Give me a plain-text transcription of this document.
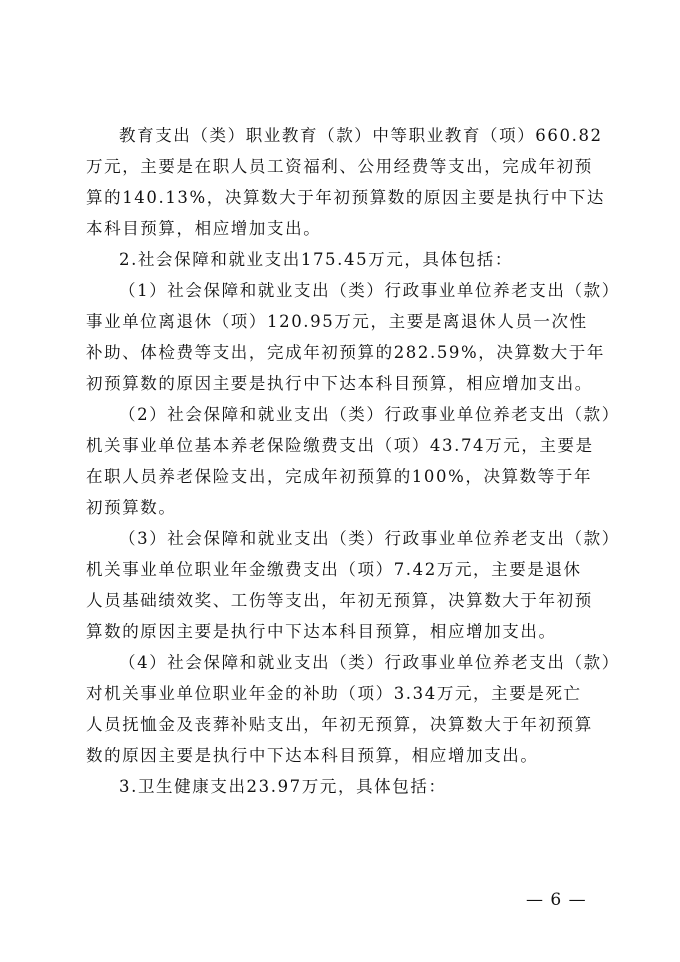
教育支出（类）职业教育（款）中等职业教育（项）660.82
万元，主要是在职人员工资福利、公用经费等支出，完成年初预
算的140.13%，决算数大于年初预算数的原因主要是执行中下达
本科目预算，相应增加支出。
2.社会保障和就业支出175.45万元，具体包括：
（1）社会保障和就业支出（类）行政事业单位养老支出（款）
事业单位离退休（项）120.95万元，主要是离退休人员一次性
补助、体检费等支出，完成年初预算的282.59%，决算数大于年
初预算数的原因主要是执行中下达本科目预算，相应增加支出。
（2）社会保障和就业支出（类）行政事业单位养老支出（款）
机关事业单位基本养老保险缴费支出（项）43.74万元，主要是
在职人员养老保险支出，完成年初预算的100%，决算数等于年
初预算数。
（3）社会保障和就业支出（类）行政事业单位养老支出（款）
机关事业单位职业年金缴费支出（项）7.42万元，主要是退休
人员基础绩效奖、工伤等支出，年初无预算，决算数大于年初预
算数的原因主要是执行中下达本科目预算，相应增加支出。
（4）社会保障和就业支出（类）行政事业单位养老支出（款）
对机关事业单位职业年金的补助（项）3.34万元，主要是死亡
人员抚恤金及丧葬补贴支出，年初无预算，决算数大于年初预算
数的原因主要是执行中下达本科目预算，相应增加支出。
3.卫生健康支出23.97万元，具体包括：
— 6 —
